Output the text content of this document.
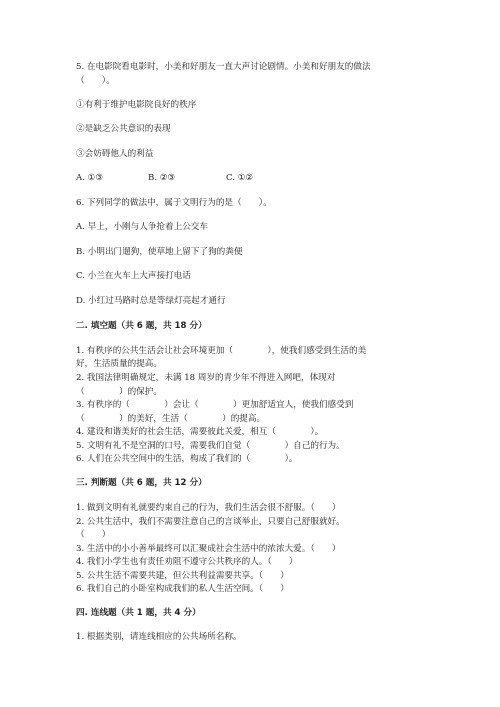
5. 在电影院看电影时，小美和好朋友一直大声讨论剧情。小美和好朋友的做法
（　　）。
①有利于维护电影院良好的秩序
②是缺乏公共意识的表现
③会妨碍他人的利益
A. ①③	B. ②③	C. ①②
6. 下列同学的做法中，属于文明行为的是（　　）。
A. 早上，小刚与人争抢着上公交车
B. 小明出门遛狗，使草地上留下了狗的粪便
C. 小兰在火车上大声接打电话
D. 小红过马路时总是等绿灯亮起才通行
二. 填空题（共 6 题，共 18 分）
1. 有秩序的公共生活会让社会环境更加（　　　　），使我们感受到生活的美
好，生活质量的提高。
2. 我国法律明确规定，未满 18 周岁的青少年不得进入网吧，体现对
（　　　　）的保护。
3. 有秩序的（　　　　）会让（　　　　）更加舒适宜人，使我们感受到
（　　　　）的美好，生活（　　　　）的提高。
4. 建设和谐美好的社会生活，需要彼此关爱，相互（　　　　）。
5. 文明有礼不是空洞的口号，需要我们自觉（　　　　）自己的行为。
6. 人们在公共空间中的生活，构成了我们的（　　　　）。
三. 判断题（共 6 题，共 12 分）
1. 做到文明有礼就要约束自己的行为，我们生活会很不舒服。（　　）
2. 公共生活中，我们不需要注意自己的言谈举止，只要自己舒服就好。
（　　）
3. 生活中的小小善举最终可以汇聚成社会生活中的浓浓大爱。（　　）
4. 我们小学生也有责任劝阻不遵守公共秩序的人。（　　）
5. 公共生活不需要共建，但公共利益需要共享。（　　）
6. 我们自己的小卧室构成我们的私人生活空间。（　　）
四. 连线题（共 1 题，共 4 分）
1. 根据类别，请连线相应的公共场所名称。
